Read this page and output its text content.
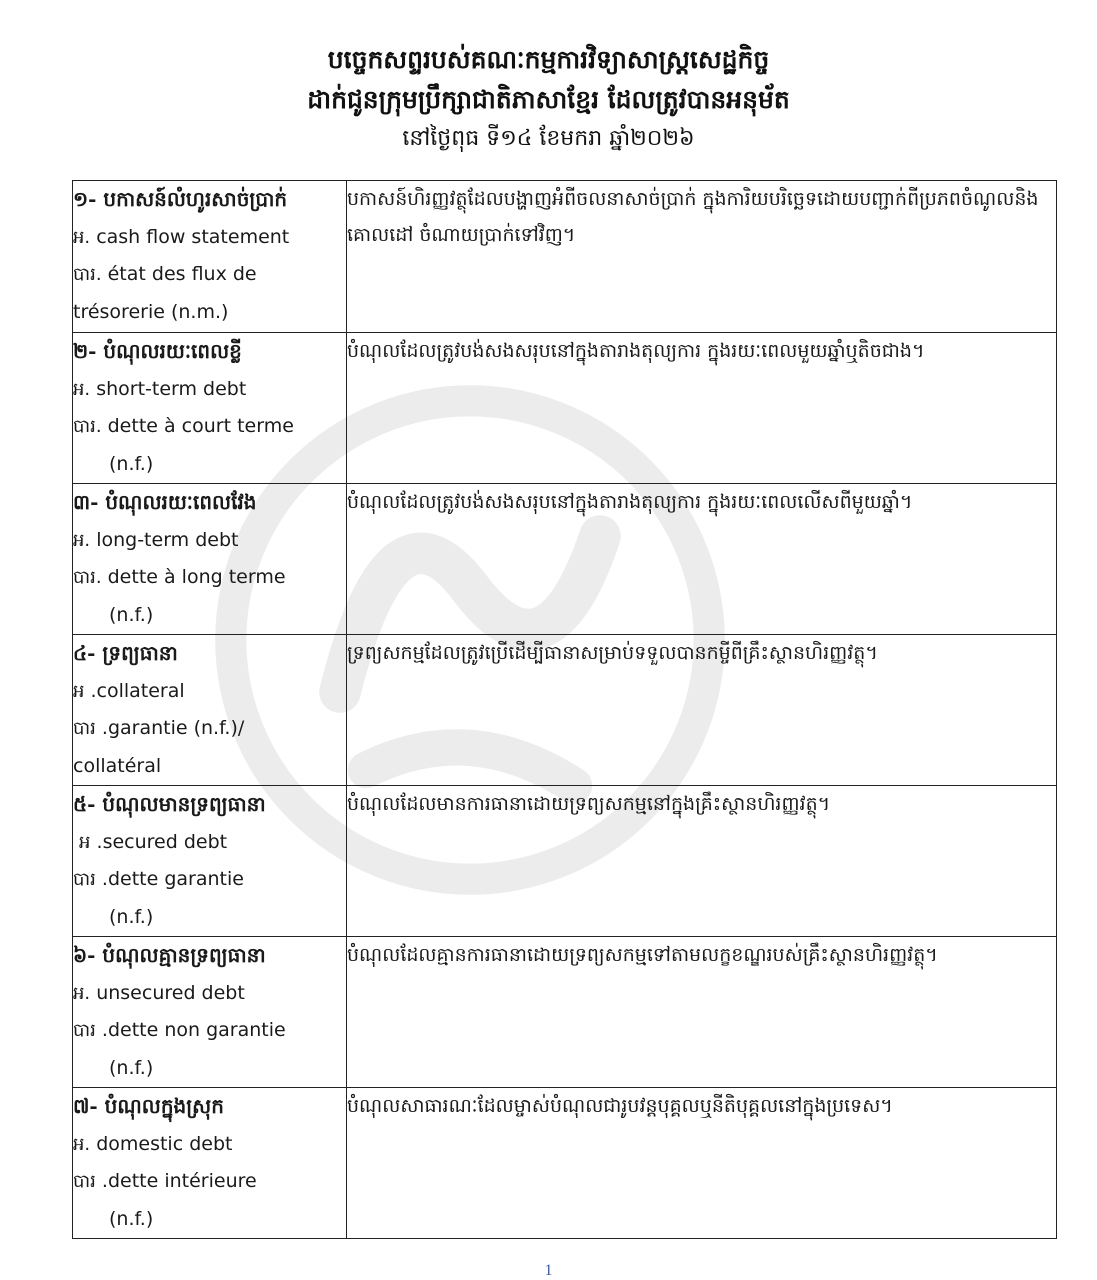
បច្ចេកសព្ទរបស់គណៈកម្មការវិទ្យាសាស្ត្រសេដ្ឋកិច្ច
ដាក់ជូនក្រុមប្រឹក្សាជាតិភាសាខ្មែរ ដែលត្រូវបានអនុម័ត
នៅថ្ងៃពុធ ទី១៤ ខែមករា ឆ្នាំ២០២៦
១- បកាសន៍លំហូរសាច់ប្រាក់
អ. cash flow statement
បារ. état des flux de
trésorerie (n.m.)	បកាសន៍ហិរញ្ញវត្ថុដែលបង្ហាញអំពីចលនាសាច់ប្រាក់ ក្នុងការិយបរិច្ឆេទដោយបញ្ជាក់ពីប្រភពចំណូលនិងគោលដៅ ចំណាយប្រាក់ទៅវិញ។

២- បំណុលរយៈពេលខ្លី
អ. short-term debt
បារ. dette à court terme
(n.f.)	បំណុលដែលត្រូវបង់សងសរុបនៅក្នុងតារាងតុល្យការ ក្នុងរយៈពេលមួយឆ្នាំឬតិចជាង។

៣- បំណុលរយៈពេលវែង
អ. long-term debt
បារ. dette à long terme
(n.f.)	បំណុលដែលត្រូវបង់សងសរុបនៅក្នុងតារាងតុល្យការ ក្នុងរយៈពេលលើសពីមួយឆ្នាំ។

៤- ទ្រព្យធានា
អ .collateral
បារ .garantie (n.f.)/
collatéral	ទ្រព្យសកម្មដែលត្រូវប្រើដើម្បីធានាសម្រាប់ទទួលបានកម្ចីពីគ្រឹះស្ថានហិរញ្ញវត្ថុ។

៥- បំណុលមានទ្រព្យធានា
អ .secured debt
បារ .dette garantie
(n.f.)	បំណុលដែលមានការធានាដោយទ្រព្យសកម្មនៅក្នុងគ្រឹះស្ថានហិរញ្ញវត្ថុ។

៦- បំណុលគ្មានទ្រព្យធានា
អ. unsecured debt
បារ .dette non garantie
(n.f.)	បំណុលដែលគ្មានការធានាដោយទ្រព្យសកម្មទៅតាមលក្ខខណ្ឌរបស់គ្រឹះស្ថានហិរញ្ញវត្ថុ។

៧- បំណុលក្នុងស្រុក
អ. domestic debt
បារ .dette intérieure
(n.f.)	បំណុលសាធារណៈដែលម្ចាស់បំណុលជារូបវន្តបុគ្គលឬនីតិបុគ្គលនៅក្នុងប្រទេស។
1
